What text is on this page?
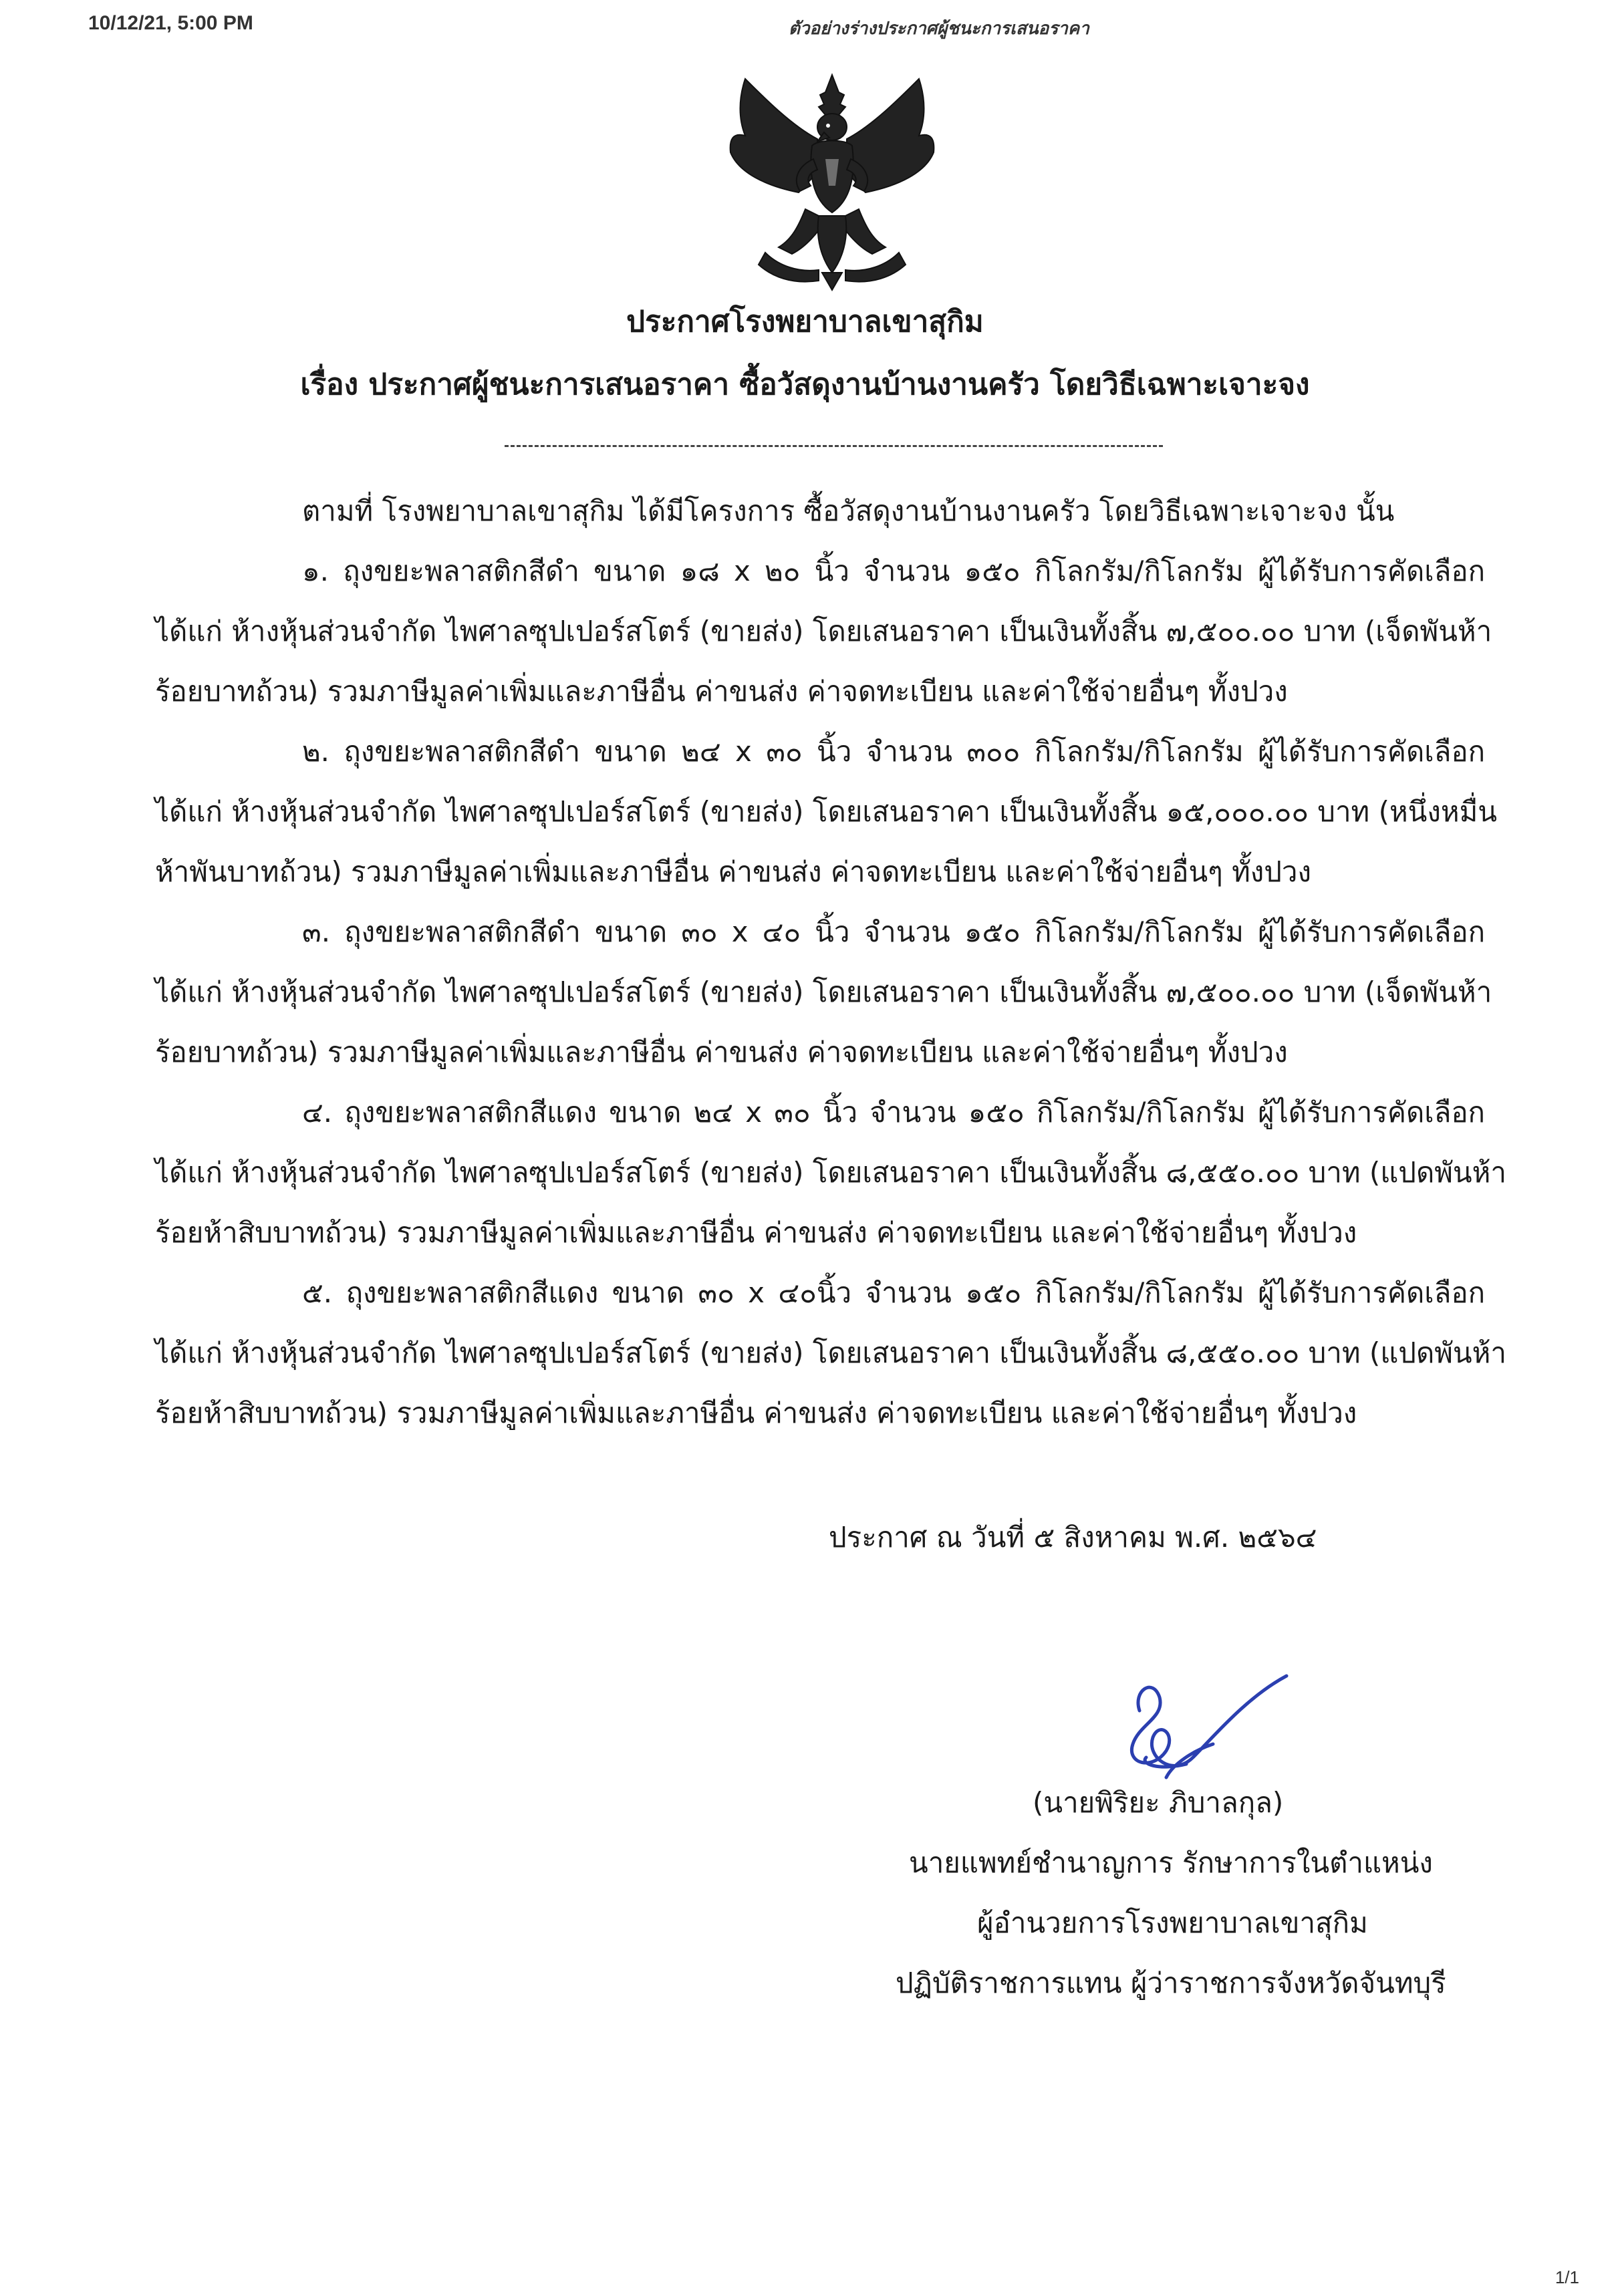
10/12/21, 5:00 PM	ตัวอย่างร่างประกาศผู้ชนะการเสนอราคา

ประกาศโรงพยาบาลเขาสุกิม

เรื่อง ประกาศผู้ชนะการเสนอราคา ซื้อวัสดุงานบ้านงานครัว โดยวิธีเฉพาะเจาะจง

ตามที่ โรงพยาบาลเขาสุกิม ได้มีโครงการ ซื้อวัสดุงานบ้านงานครัว โดยวิธีเฉพาะเจาะจง นั้น
๑. ถุงขยะพลาสติกสีดำ ขนาด ๑๘ x ๒๐ นิ้ว จำนวน ๑๕๐ กิโลกรัม/กิโลกรัม ผู้ได้รับการคัดเลือก
ได้แก่ ห้างหุ้นส่วนจำกัด ไพศาลซุปเปอร์สโตร์ (ขายส่ง) โดยเสนอราคา เป็นเงินทั้งสิ้น ๗,๕๐๐.๐๐ บาท (เจ็ดพันห้า
ร้อยบาทถ้วน) รวมภาษีมูลค่าเพิ่มและภาษีอื่น ค่าขนส่ง ค่าจดทะเบียน และค่าใช้จ่ายอื่นๆ ทั้งปวง
๒. ถุงขยะพลาสติกสีดำ ขนาด ๒๔ x ๓๐ นิ้ว จำนวน ๓๐๐ กิโลกรัม/กิโลกรัม ผู้ได้รับการคัดเลือก
ได้แก่ ห้างหุ้นส่วนจำกัด ไพศาลซุปเปอร์สโตร์ (ขายส่ง) โดยเสนอราคา เป็นเงินทั้งสิ้น ๑๕,๐๐๐.๐๐ บาท (หนึ่งหมื่น
ห้าพันบาทถ้วน) รวมภาษีมูลค่าเพิ่มและภาษีอื่น ค่าขนส่ง ค่าจดทะเบียน และค่าใช้จ่ายอื่นๆ ทั้งปวง
๓. ถุงขยะพลาสติกสีดำ ขนาด ๓๐ x ๔๐ นิ้ว จำนวน ๑๕๐ กิโลกรัม/กิโลกรัม ผู้ได้รับการคัดเลือก
ได้แก่ ห้างหุ้นส่วนจำกัด ไพศาลซุปเปอร์สโตร์ (ขายส่ง) โดยเสนอราคา เป็นเงินทั้งสิ้น ๗,๕๐๐.๐๐ บาท (เจ็ดพันห้า
ร้อยบาทถ้วน) รวมภาษีมูลค่าเพิ่มและภาษีอื่น ค่าขนส่ง ค่าจดทะเบียน และค่าใช้จ่ายอื่นๆ ทั้งปวง
๔. ถุงขยะพลาสติกสีแดง ขนาด ๒๔ x ๓๐ นิ้ว จำนวน ๑๕๐ กิโลกรัม/กิโลกรัม ผู้ได้รับการคัดเลือก
ได้แก่ ห้างหุ้นส่วนจำกัด ไพศาลซุปเปอร์สโตร์ (ขายส่ง) โดยเสนอราคา เป็นเงินทั้งสิ้น ๘,๕๕๐.๐๐ บาท (แปดพันห้า
ร้อยห้าสิบบาทถ้วน) รวมภาษีมูลค่าเพิ่มและภาษีอื่น ค่าขนส่ง ค่าจดทะเบียน และค่าใช้จ่ายอื่นๆ ทั้งปวง
๕. ถุงขยะพลาสติกสีแดง ขนาด ๓๐ x ๔๐นิ้ว จำนวน ๑๕๐ กิโลกรัม/กิโลกรัม ผู้ได้รับการคัดเลือก
ได้แก่ ห้างหุ้นส่วนจำกัด ไพศาลซุปเปอร์สโตร์ (ขายส่ง) โดยเสนอราคา เป็นเงินทั้งสิ้น ๘,๕๕๐.๐๐ บาท (แปดพันห้า
ร้อยห้าสิบบาทถ้วน) รวมภาษีมูลค่าเพิ่มและภาษีอื่น ค่าขนส่ง ค่าจดทะเบียน และค่าใช้จ่ายอื่นๆ ทั้งปวง
ประกาศ ณ วันที่ ๕ สิงหาคม พ.ศ. ๒๕๖๔
(นายพิริยะ ภิบาลกุล)
นายแพทย์ชำนาญการ รักษาการในตำแหน่ง
ผู้อำนวยการโรงพยาบาลเขาสุกิม
ปฏิบัติราชการแทน ผู้ว่าราชการจังหวัดจันทบุรี
1/1
